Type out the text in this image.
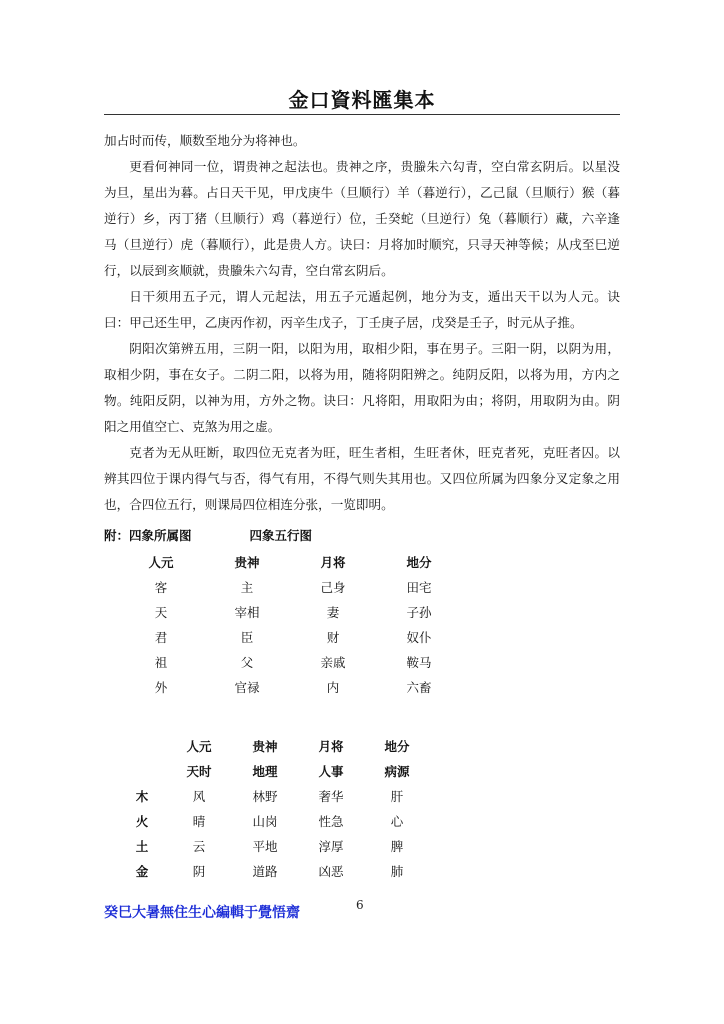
金口資料匯集本

加占时而传，顺数至地分为将神也。

更看何神同一位，谓贵神之起法也。贵神之序，贵螣朱六勾青，空白常玄阴后。以星没为旦，星出为暮。占日天干见，甲戊庚牛（旦顺行）羊（暮逆行），乙己鼠（旦顺行）猴（暮逆行）乡，丙丁猪（旦顺行）鸡（暮逆行）位，壬癸蛇（旦逆行）兔（暮顺行）藏，六辛逢马（旦逆行）虎（暮顺行），此是贵人方。诀曰：月将加时顺究，只寻天神等候；从戌至巳逆行，以辰到亥顺就，贵螣朱六勾青，空白常玄阴后。

日干须用五子元，谓人元起法，用五子元遁起例，地分为支，遁出天干以为人元。诀曰：甲己还生甲，乙庚丙作初，丙辛生戊子，丁壬庚子居，戊癸是壬子，时元从子推。

阴阳次第辨五用，三阴一阳，以阳为用，取相少阳，事在男子。三阳一阴，以阴为用，取相少阴，事在女子。二阴二阳，以将为用，随将阴阳辨之。纯阴反阳，以将为用，方内之物。纯阳反阴，以神为用，方外之物。诀曰：凡将阳，用取阳为由；将阴，用取阴为由。阴阳之用值空亡、克煞为用之虚。

克者为无从旺断，取四位无克者为旺，旺生者相，生旺者休，旺克者死，克旺者囚。以辨其四位于课内得气与否，得气有用，不得气则失其用也。又四位所属为四象分叉定象之用也，合四位五行，则课局四位相连分张，一览即明。

附：四象所属图	四象五行图
人元	贵神	月将	地分
客	主	己身	田宅
天	宰相	妻	子孙
君	臣	财	奴仆
祖	父	亲戚	鞍马
外	官禄	内	六畜
	人元	贵神	月将	地分
	天时	地理	人事	病源
木	风	林野	奢华	肝
火	晴	山岗	性急	心
土	云	平地	淳厚	脾
金	阴	道路	凶恶	肺
癸巳大暑無住生心編輯于覺悟齋	6
